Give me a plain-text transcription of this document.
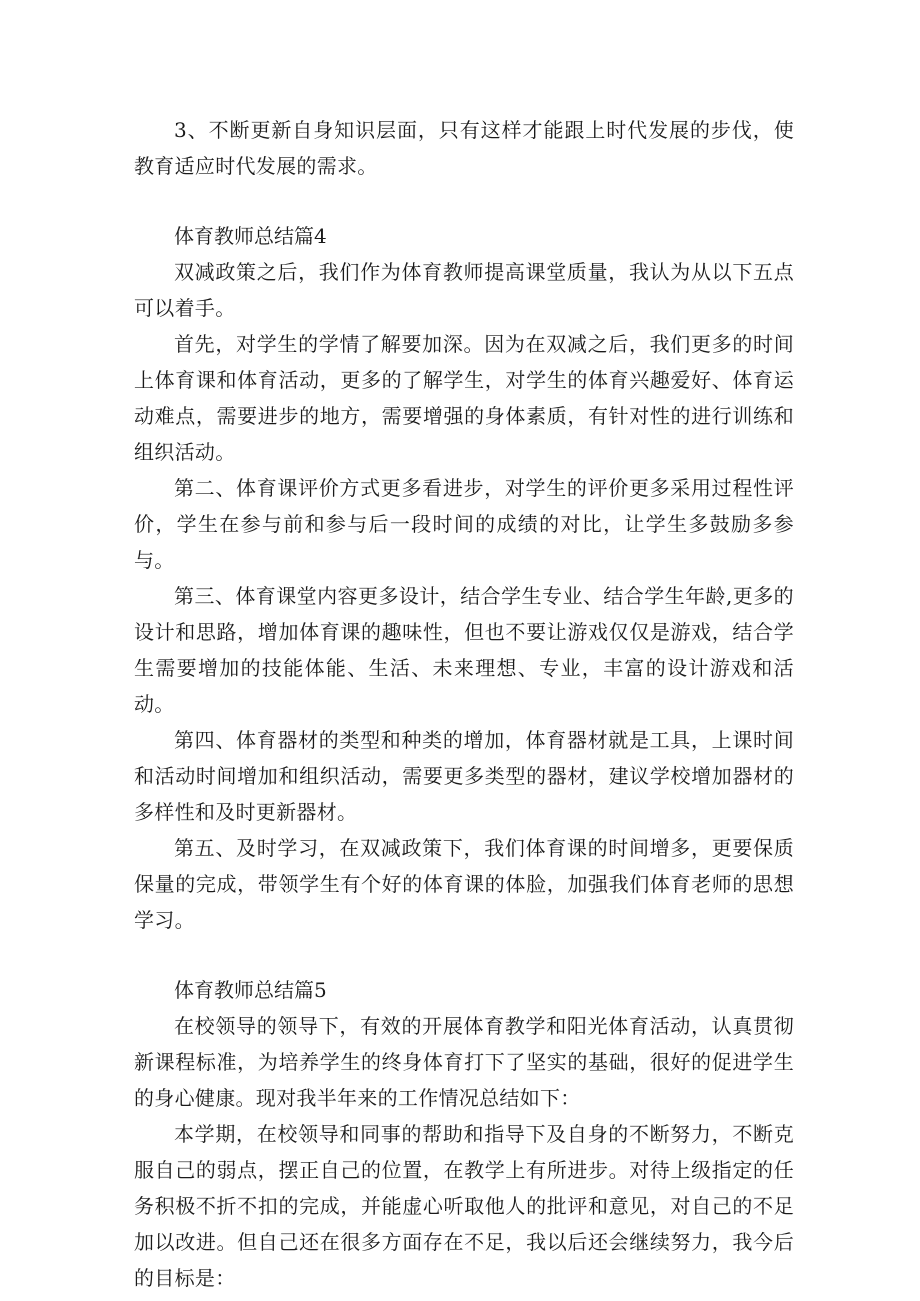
3、不断更新自身知识层面，只有这样才能跟上时代发展的步伐，使教育适应时代发展的需求。

体育教师总结篇4

双减政策之后，我们作为体育教师提高课堂质量，我认为从以下五点可以着手。

首先，对学生的学情了解要加深。因为在双减之后，我们更多的时间上体育课和体育活动，更多的了解学生，对学生的体育兴趣爱好、体育运动难点，需要进步的地方，需要增强的身体素质，有针对性的进行训练和组织活动。

第二、体育课评价方式更多看进步，对学生的评价更多采用过程性评价，学生在参与前和参与后一段时间的成绩的对比，让学生多鼓励多参与。

第三、体育课堂内容更多设计，结合学生专业、结合学生年龄,更多的设计和思路，增加体育课的趣味性，但也不要让游戏仅仅是游戏，结合学生需要增加的技能体能、生活、未来理想、专业，丰富的设计游戏和活动。

第四、体育器材的类型和种类的增加，体育器材就是工具，上课时间和活动时间增加和组织活动，需要更多类型的器材，建议学校增加器材的多样性和及时更新器材。

第五、及时学习，在双减政策下，我们体育课的时间增多，更要保质保量的完成，带领学生有个好的体育课的体脸，加强我们体育老师的思想学习。

体育教师总结篇5

在校领导的领导下，有效的开展体育教学和阳光体育活动，认真贯彻新课程标准，为培养学生的终身体育打下了坚实的基础，很好的促进学生的身心健康。现对我半年来的工作情况总结如下：

本学期，在校领导和同事的帮助和指导下及自身的不断努力，不断克服自己的弱点，摆正自己的位置，在教学上有所进步。对待上级指定的任务积极不折不扣的完成，并能虚心听取他人的批评和意见，对自己的不足加以改进。但自己还在很多方面存在不足，我以后还会继续努力，我今后的目标是：
